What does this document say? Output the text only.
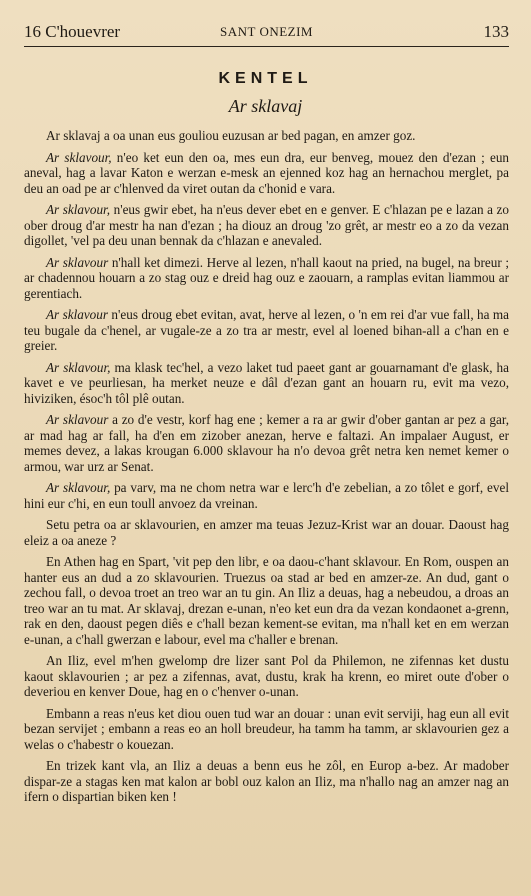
16 C'houevrer	SANT ONEZIM	133
KENTEL
Ar sklavaj

Ar sklavaj a oa unan eus gouliou euzusan ar bed pagan, en amzer goz.

Ar sklavour, n'eo ket eun den oa, mes eun dra, eur benveg, mouez den d'ezan ; eun aneval, hag a lavar Katon e werzan e-mesk an ejenned koz hag an hernachou merglet, pa deu an oad pe ar c'hlenved da viret outan da c'honid e vara.

Ar sklavour, n'eus gwir ebet, ha n'eus dever ebet en e genver. E c'hlazan pe e lazan a zo ober droug d'ar mestr ha nan d'ezan ; ha diouz an droug 'zo grêt, ar mestr eo a zo da vezan digollet, 'vel pa deu unan bennak da c'hlazan e anevaled.

Ar sklavour n'hall ket dimezi. Herve al lezen, n'hall kaout na pried, na bugel, na breur ; ar chadennou houarn a zo stag ouz e dreid hag ouz e zaouarn, a ramplas evitan liammou ar gerentiach.

Ar sklavour n'eus droug ebet evitan, avat, herve al lezen, o 'n em rei d'ar vue fall, ha ma teu bugale da c'henel, ar vugale-ze a zo tra ar mestr, evel al loened bihan-all a c'han en e greier.

Ar sklavour, ma klask tec'hel, a vezo laket tud paeet gant ar gouarnamant d'e glask, ha kavet e ve peurliesan, ha merket neuze e dâl d'ezan gant an houarn ru, evit ma vezo, hiviziken, ésoc'h tôl plê outan.

Ar sklavour a zo d'e vestr, korf hag ene ; kemer a ra ar gwir d'ober gantan ar pez a gar, ar mad hag ar fall, ha d'en em zizober anezan, herve e faltazi. An impalaer August, er memes devez, a lakas krougan 6.000 sklavour ha n'o devoa grêt netra ken nemet kemer o armou, war urz ar Senat.

Ar sklavour, pa varv, ma ne chom netra war e lerc'h d'e zebelian, a zo tôlet e gorf, evel hini eur c'hi, en eun toull anvoez da vreinan.

Setu petra oa ar sklavourien, en amzer ma teuas Jezuz-Krist war an douar. Daoust hag eleiz a oa aneze ?

En Athen hag en Spart, 'vit pep den libr, e oa daou-c'hant sklavour. En Rom, ouspen an hanter eus an dud a zo sklavourien. Truezus oa stad ar bed en amzer-ze. An dud, gant o zechou fall, o devoa troet an treo war an tu gin. An Iliz a deuas, hag a nebeudou, a droas an treo war an tu mat. Ar sklavaj, drezan e-unan, n'eo ket eun dra da vezan kondaonet a-grenn, rak en den, daoust pegen diês e c'hall bezan kement-se evitan, ma n'hall ket en em werzan e-unan, a c'hall gwerzan e labour, evel ma c'haller e brenan.

An Iliz, evel m'hen gwelomp dre lizer sant Pol da Philemon, ne zifennas ket dustu kaout sklavourien ; ar pez a zifennas, avat, dustu, krak ha krenn, eo miret oute d'ober o deveriou en kenver Doue, hag en o c'henver o-unan.

Embann a reas n'eus ket diou ouen tud war an douar : unan evit serviji, hag eun all evit bezan servijet ; embann a reas eo an holl breudeur, ha tamm ha tamm, ar sklavourien gez a welas o c'habestr o kouezan.

En trizek kant vla, an Iliz a deuas a benn eus he zôl, en Europ a-bez. Ar madober dispar-ze a stagas ken mat kalon ar bobl ouz kalon an Iliz, ma n'hallo nag an amzer nag an ifern o dispartian biken ken !
